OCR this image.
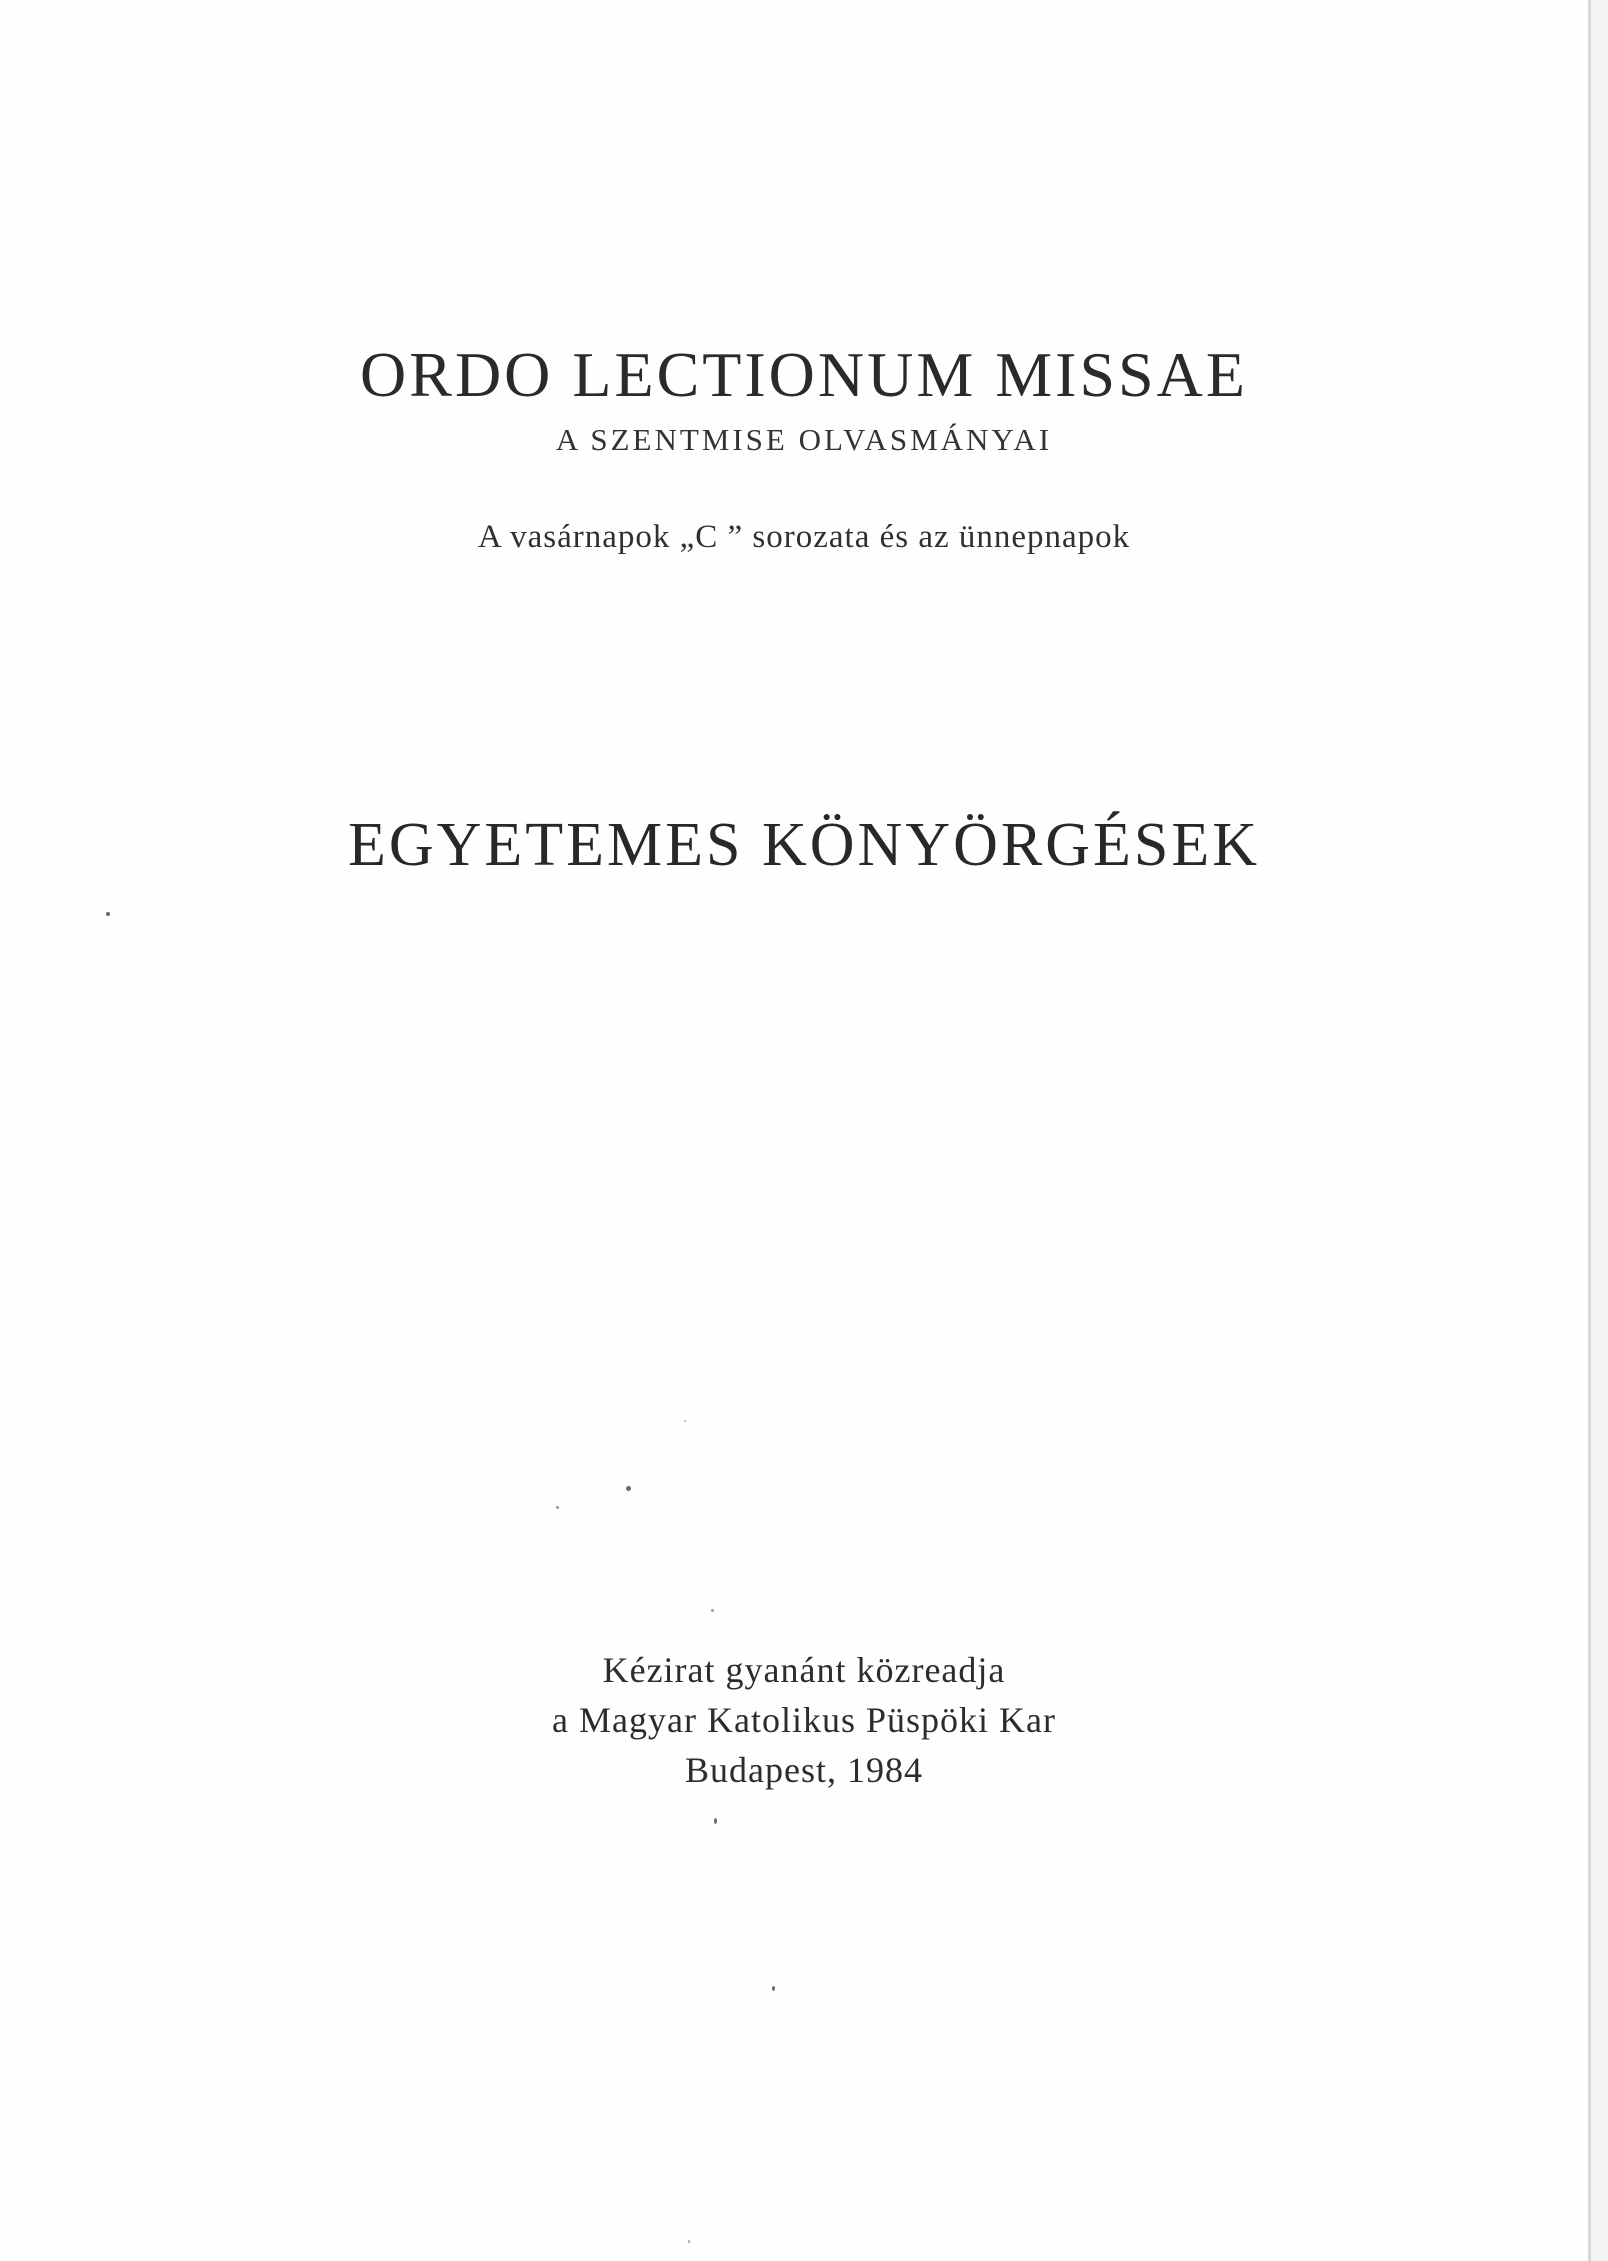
ORDO LECTIONUM MISSAE
A SZENTMISE OLVASMÁNYAI
A vasárnapok „C ” sorozata és az ünnepnapok
EGYETEMES KÖNYÖRGÉSEK
Kézirat gyanánt közreadja
a Magyar Katolikus Püspöki Kar
Budapest, 1984
